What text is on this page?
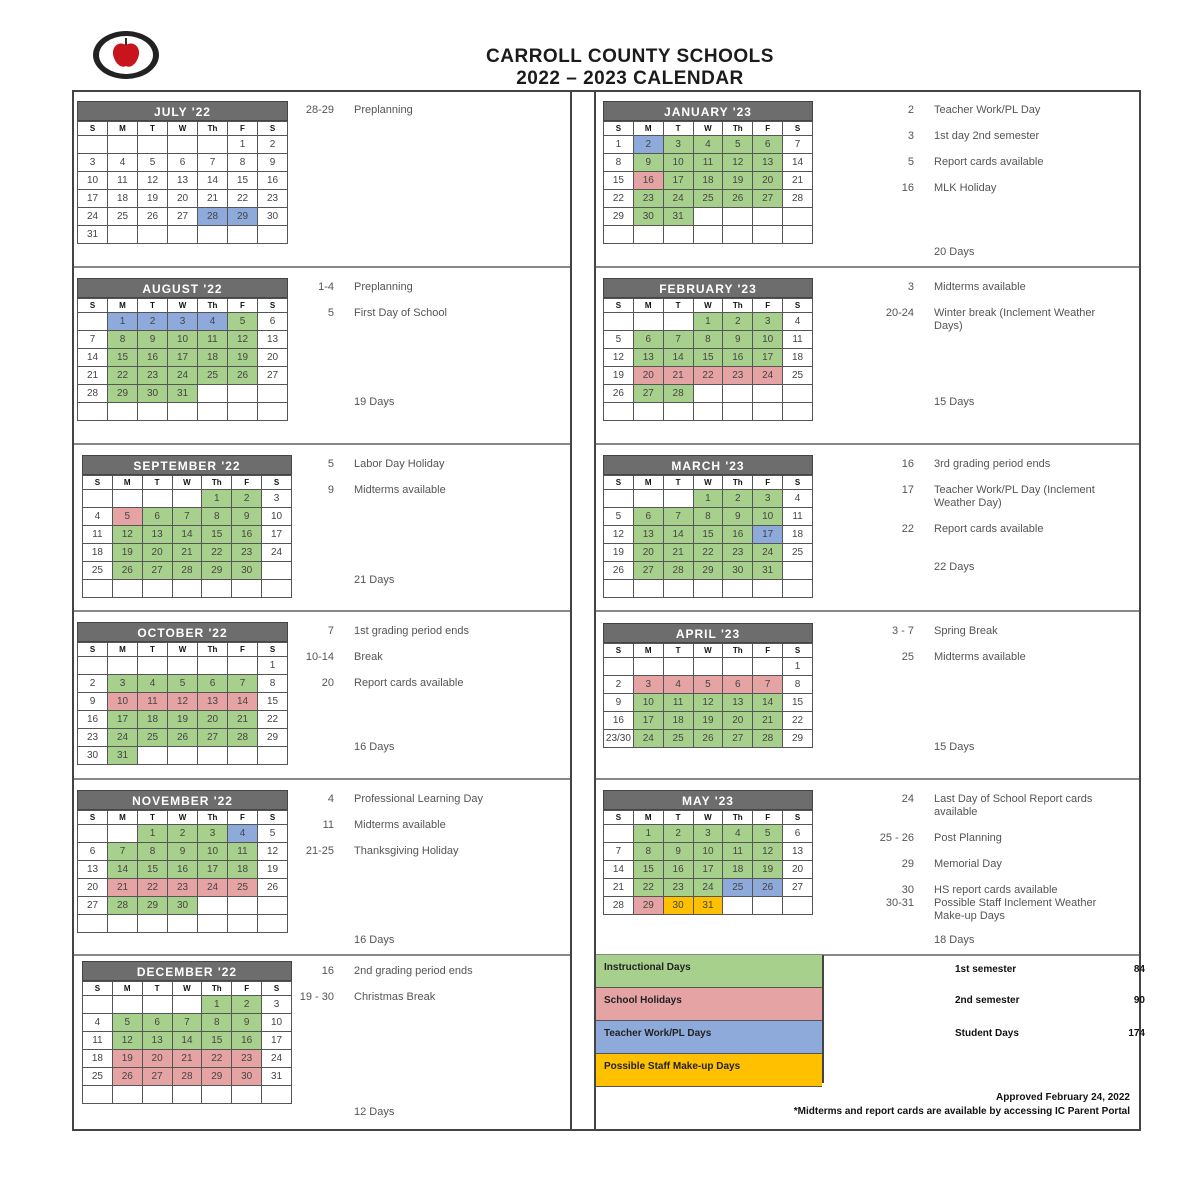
CARROLL COUNTY SCHOOLS
2022 – 2023 CALENDAR
JULY '22
S	M	T	W	Th	F	S
					1	2
3	4	5	6	7	8	9
10	11	12	13	14	15	16
17	18	19	20	21	22	23
24	25	26	27	28	29	30
31						
28-29 Preplanning
AUGUST '22
S	M	T	W	Th	F	S
	1	2	3	4	5	6
7	8	9	10	11	12	13
14	15	16	17	18	19	20
21	22	23	24	25	26	27
28	29	30	31			

1-4 Preplanning
5 First Day of School
19 Days
SEPTEMBER '22
S	M	T	W	Th	F	S
				1	2	3
4	5	6	7	8	9	10
11	12	13	14	15	16	17
18	19	20	21	22	23	24
25	26	27	28	29	30	

5 Labor Day Holiday
9 Midterms available
21 Days
OCTOBER '22
S	M	T	W	Th	F	S
						1
2	3	4	5	6	7	8
9	10	11	12	13	14	15
16	17	18	19	20	21	22
23	24	25	26	27	28	29
30	31					
7 1st grading period ends
10-14 Break
20 Report cards available
16 Days
NOVEMBER '22
S	M	T	W	Th	F	S
		1	2	3	4	5
6	7	8	9	10	11	12
13	14	15	16	17	18	19
20	21	22	23	24	25	26
27	28	29	30			

4 Professional Learning Day
11 Midterms available
21-25 Thanksgiving Holiday
16 Days
DECEMBER '22
S	M	T	W	Th	F	S
				1	2	3
4	5	6	7	8	9	10
11	12	13	14	15	16	17
18	19	20	21	22	23	24
25	26	27	28	29	30	31

16 2nd grading period ends
19 - 30 Christmas Break
12 Days
JANUARY '23
S	M	T	W	Th	F	S
1	2	3	4	5	6	7
8	9	10	11	12	13	14
15	16	17	18	19	20	21
22	23	24	25	26	27	28
29	30	31				

2 Teacher Work/PL Day
3 1st day 2nd semester
5 Report cards available
16 MLK Holiday
20 Days
FEBRUARY '23
S	M	T	W	Th	F	S
			1	2	3	4
5	6	7	8	9	10	11
12	13	14	15	16	17	18
19	20	21	22	23	24	25
26	27	28				

3 Midterms available
20-24 Winter break (Inclement Weather Days)
15 Days
MARCH '23
S	M	T	W	Th	F	S
			1	2	3	4
5	6	7	8	9	10	11
12	13	14	15	16	17	18
19	20	21	22	23	24	25
26	27	28	29	30	31	

16 3rd grading period ends
17 Teacher Work/PL Day (Inclement Weather Day)
22 Report cards available
22 Days
APRIL '23
S	M	T	W	Th	F	S
						1
2	3	4	5	6	7	8
9	10	11	12	13	14	15
16	17	18	19	20	21	22
23/30	24	25	26	27	28	29
3 - 7 Spring Break
25 Midterms available
15 Days
MAY '23
S	M	T	W	Th	F	S
	1	2	3	4	5	6
7	8	9	10	11	12	13
14	15	16	17	18	19	20
21	22	23	24	25	26	27
28	29	30	31			
24 Last Day of School Report cards available
25 - 26 Post Planning
29 Memorial Day
30 HS report cards available
30-31 Possible Staff Inclement Weather Make-up Days
18 Days
Instructional Days
School Holidays
Teacher Work/PL Days
Possible Staff Make-up Days
1st semester	84
2nd semester	90
Student Days	174
Approved February 24, 2022
*Midterms and report cards are available by accessing IC Parent Portal
